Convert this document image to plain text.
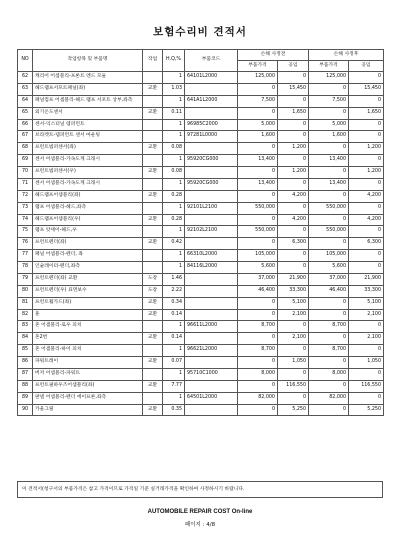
보험수리비 견적서
NO	작업항목 및 부품명	작업	H.Q,%	부품코드	손해 사정전		손해 사정후	
					부품가격	공임	부품가격	공임
62	캐리어 어셈블리-프론트 엔드 모듈		1	64101L2000	125,000	0	125,000	0
63	헤드램프서포트패널(좌)	교환	1.03		0	15,450	0	15,450
64	패널컴프 어셈블리-헤드 램프 서포트 상부,좌측		1	641A1L2000	7,500	0	7,500	0
65	외기온도센서	교환	0.11		0	1,650	0	1,650
66	센서-익스터널 템퍼런트		1	96985C2000	5,000	0	5,000	0
67	브라켓트-템퍼런트 센서 마운팅		1	97281L0000	1,600	0	1,600	0
68	프런트범퍼센서(좌)	교환	0.08		0	1,200	0	1,200
69	센서 어셈블리-가속도계 크래시		1	95920CG000	13,400	0	13,400	0
70	프런트범퍼센서(우)	교환	0.08		0	1,200	0	1,200
71	센서 어셈블리-가속도계 크래시		1	95920CG000	13,400	0	13,400	0
72	헤드램프어셈블리(좌)	교환	0.28		0	4,200	0	4,200
73	램프 어셈블리-헤드,좌측		1	92101L2100	550,000	0	550,000	0
74	헤드램프어셈블리(우)	교환	0.28		0	4,200	0	4,200
75	램프 앗세이-헤드,우		1	92102L2100	550,000	0	550,000	0
76	프런트펜더(좌)	교환	0.42		0	6,300	0	6,300
77	패널 어셈블리-펜더, 좌		1	66310L2000	105,000	0	105,000	0
78	인슐레이터-펜더,좌측		1	84116L2000	5,600	0	5,600	0
79	프런트펜더(좌) 교환	도장	1.46		37,000	21,900	37,000	21,900
80	프런트펜더(우) 표면보수	도장	2.22		46,400	33,300	46,400	33,300
81	프런트휠가드(좌)	교환	0.34		0	5,100	0	5,100
82	훈	교환	0.14		0	2,100	0	2,100
83	혼 어셈블리-로우 피치		1	96611L2000	8,700	0	8,700	0
84	혼2번	교환	0.14		0	2,100	0	2,100
85	혼 어셈블리-하이 피치		1	96621L2000	8,700	0	8,700	0
86	파워트레이	교환	0.07		0	1,050	0	1,050
87	버저 어셈블리-파워트		1	95710C1000	8,000	0	8,000	0
88	프런트필하우즈어셈블리(좌)	교환	7.77		0	116,550	0	116,550
89	판넬 어셈블리-펜더 에이프론,좌측		1	64501L2000	82,000	0	82,000	0
90	카울그릴	교환	0.35		0	5,250	0	5,250
이 견적서(청구서의 부품가격은 참고 가격이므로 가격일 기준 실거래가격을 확인하여 사정하시기 바랍니다.
AUTOMOBILE REPAIR COST On-line
페이지 : 4/8
